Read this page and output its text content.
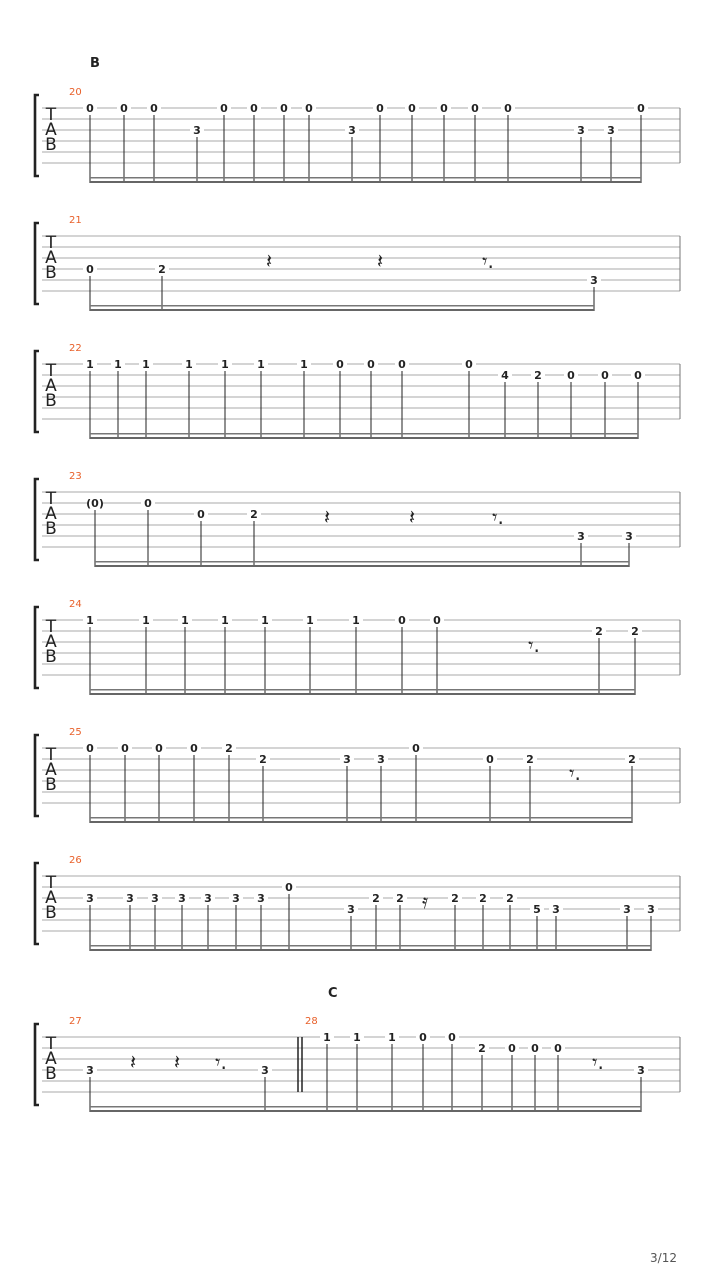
B
C
T
A
B
20
0 0 0
3
0 0 0 0
3
0 0 0 0 0
3 3
0
T
A
B
21
0	2
3
𝄽	𝄽	𝄾.
T
A
B
22
1 1 1	1	1	1	1	0 0 0	0
4 2 0 0 0
T
A
B
23
(0)	0
0	2
3	3
𝄽	𝄽	𝄾.
T
A
B
24
1	1	1	1	1	1	1	0 0
2	2
𝄾.
T
A
B
25
0 0 0 0 2
2	3 3
0
0	2	2
𝄾.
T
A
B
26
3	3 3 3 3 3 3
0
3
2 2	2 2 2
5 3	3 3
𝄿
T
A
B
27	28
3	3
1 1 1 0 0
2 0 0 0
3
𝄽 𝄽 𝄾.	𝄾.
3/12
